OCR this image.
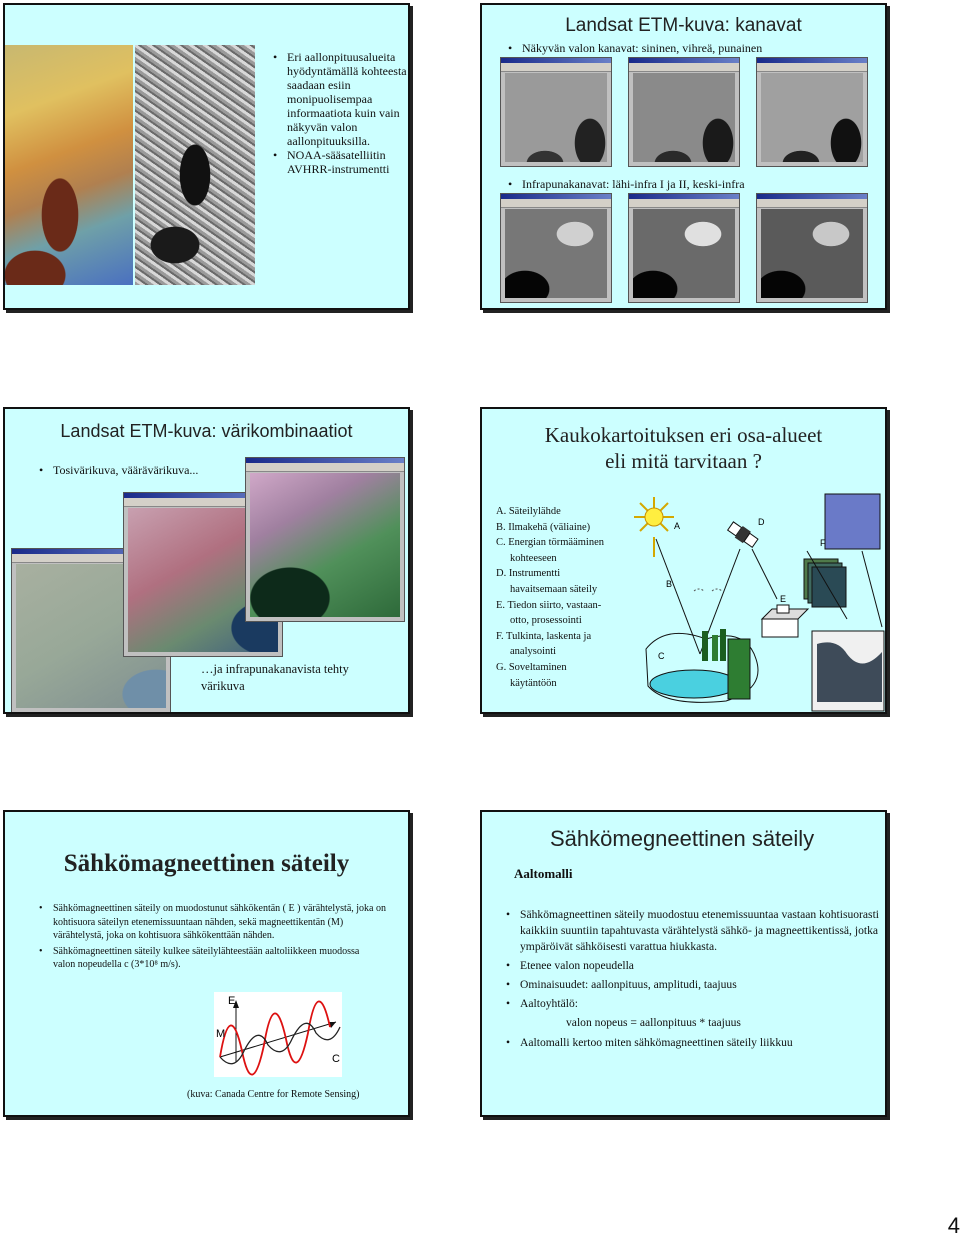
• Eri aallonpituusalueita hyödyntämällä kohteesta saadaan esiin monipuolisempaa informaatiota kuin vain näkyvän valon aallonpituuksilla.
• NOAA-sääsatelliitin AVHRR-instrumentti
Landsat ETM-kuva: kanavat
• Näkyvän valon kanavat: sininen, vihreä, punainen
• Infrapunakanavat: lähi-infra I ja II, keski-infra
Landsat ETM-kuva: värikombinaatiot
• Tosivärikuva, väärävärikuva...
…ja infrapunakanavista tehty värikuva
Kaukokartoituksen eri osa-alueet
eli mitä tarvitaan ?
A. Säteilylähde
B. Ilmakehä (väliaine)
C. Energian törmääminen
kohteeseen
D. Instrumentti
havaitsemaan säteily
E. Tiedon siirto, vastaan-
otto, prosessointi
F. Tulkinta, laskenta ja
analysointi
G. Soveltaminen
käytäntöön
A	D
B
E
C
F
Sähkömagneettinen säteily
• Sähkömagneettinen säteily on muodostunut sähkökentän ( E ) värähtelystä, joka on kohtisuora säteilyn etenemissuuntaan nähden, sekä magneettikentän (M) värähtelystä, joka on kohtisuora sähkökenttään nähden.
• Sähkömagneettinen säteily kulkee säteilylähteestään aaltoliikkeen muodossa valon nopeudella c (3*10⁸ m/s).
E
M
C
(kuva: Canada Centre for Remote Sensing)
Sähkömegneettinen säteily
Aaltomalli
• Sähkömagneettinen säteily muodostuu etenemissuuntaa vastaan kohtisuorasti kaikkiin suuntiin tapahtuvasta värähtelystä sähkö- ja magneettikentissä, jotka ympäröivät sähköisesti varattua hiukkasta.
• Etenee valon nopeudella
• Ominaisuudet: aallonpituus, amplitudi, taajuus
• Aaltoyhtälö:
valon nopeus = aallonpituus * taajuus
• Aaltomalli kertoo miten sähkömagneettinen säteily liikkuu
4
